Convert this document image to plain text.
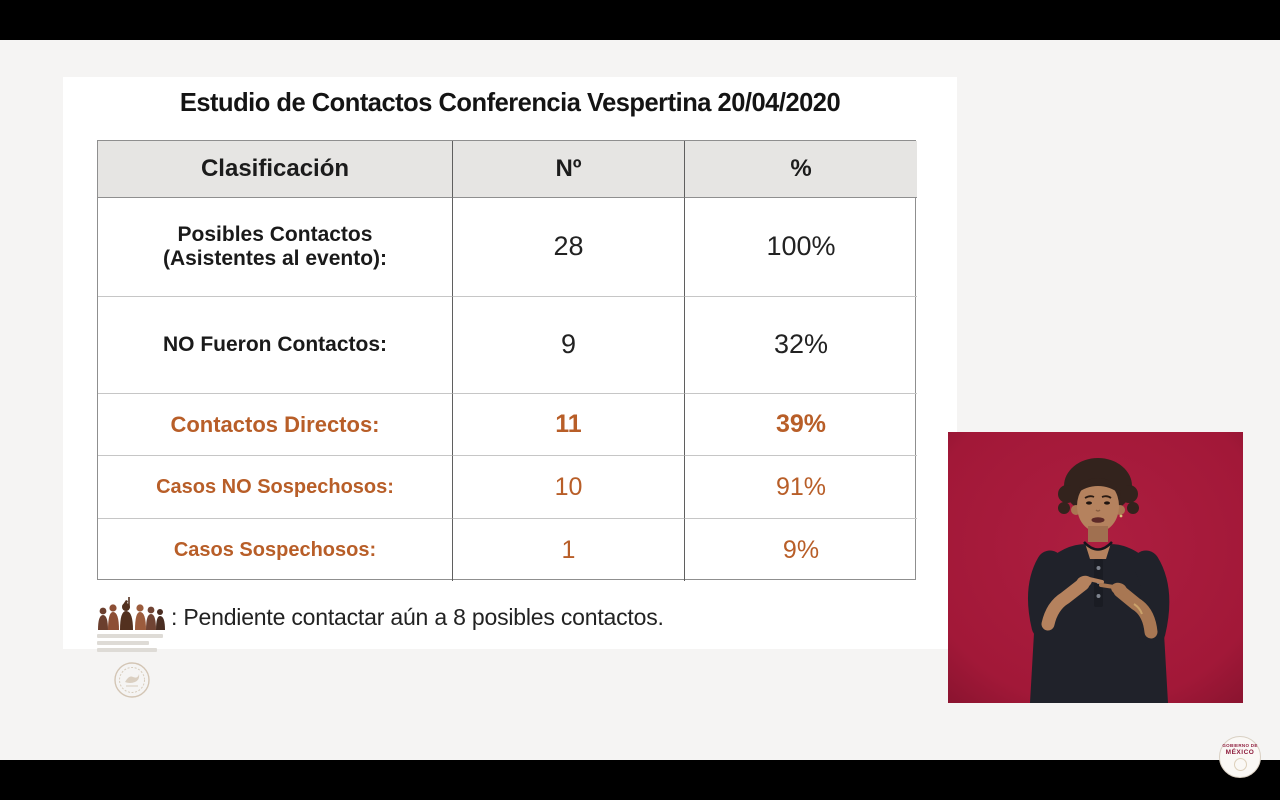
Estudio de Contactos Conferencia Vespertina 20/04/2020
Clasificación	Nº	%
Posibles Contactos
(Asistentes al evento):	28	100%
NO Fueron Contactos:	9	32%
Contactos Directos:	11	39%
Casos NO Sospechosos:	10	91%
Casos Sospechosos:	1	9%
: Pendiente contactar aún a 8 posibles contactos.
GOBIERNO DE
MÉXICO
